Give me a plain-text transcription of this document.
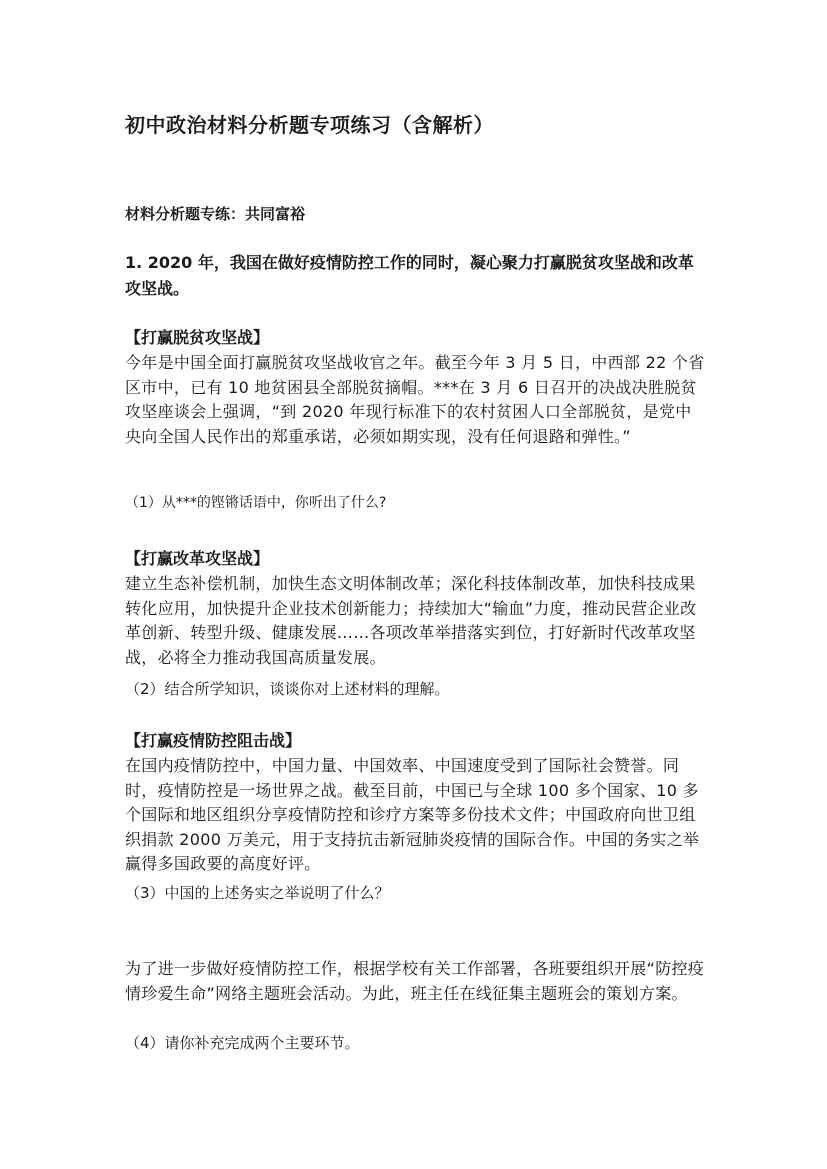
初中政治材料分析题专项练习（含解析）
材料分析题专练：共同富裕

1. 2020 年，我国在做好疫情防控工作的同时，凝心聚力打赢脱贫攻坚战和改革攻坚战。

【打赢脱贫攻坚战】

今年是中国全面打赢脱贫攻坚战收官之年。截至今年 3 月 5 日，中西部 22 个省区市中，已有 10 地贫困县全部脱贫摘帽。***在 3 月 6 日召开的决战决胜脱贫攻坚座谈会上强调，“到 2020 年现行标准下的农村贫困人口全部脱贫，是党中央向全国人民作出的郑重承诺，必须如期实现，没有任何退路和弹性。”

（1）从***的铿锵话语中，你听出了什么?

【打赢改革攻坚战】

建立生态补偿机制，加快生态文明体制改革；深化科技体制改革，加快科技成果转化应用，加快提升企业技术创新能力；持续加大“输血”力度，推动民营企业改革创新、转型升级、健康发展……各项改革举措落实到位，打好新时代改革攻坚战，必将全力推动我国高质量发展。

（2）结合所学知识，谈谈你对上述材料的理解。

【打赢疫情防控阻击战】

在国内疫情防控中，中国力量、中国效率、中国速度受到了国际社会赞誉。同时，疫情防控是一场世界之战。截至目前，中国已与全球 100 多个国家、10 多个国际和地区组织分享疫情防控和诊疗方案等多份技术文件；中国政府向世卫组织捐款 2000 万美元，用于支持抗击新冠肺炎疫情的国际合作。中国的务实之举赢得多国政要的高度好评。

（3）中国的上述务实之举说明了什么？

为了进一步做好疫情防控工作，根据学校有关工作部署，各班要组织开展“防控疫情珍爱生命”网络主题班会活动。为此，班主任在线征集主题班会的策划方案。

（4）请你补充完成两个主要环节。
